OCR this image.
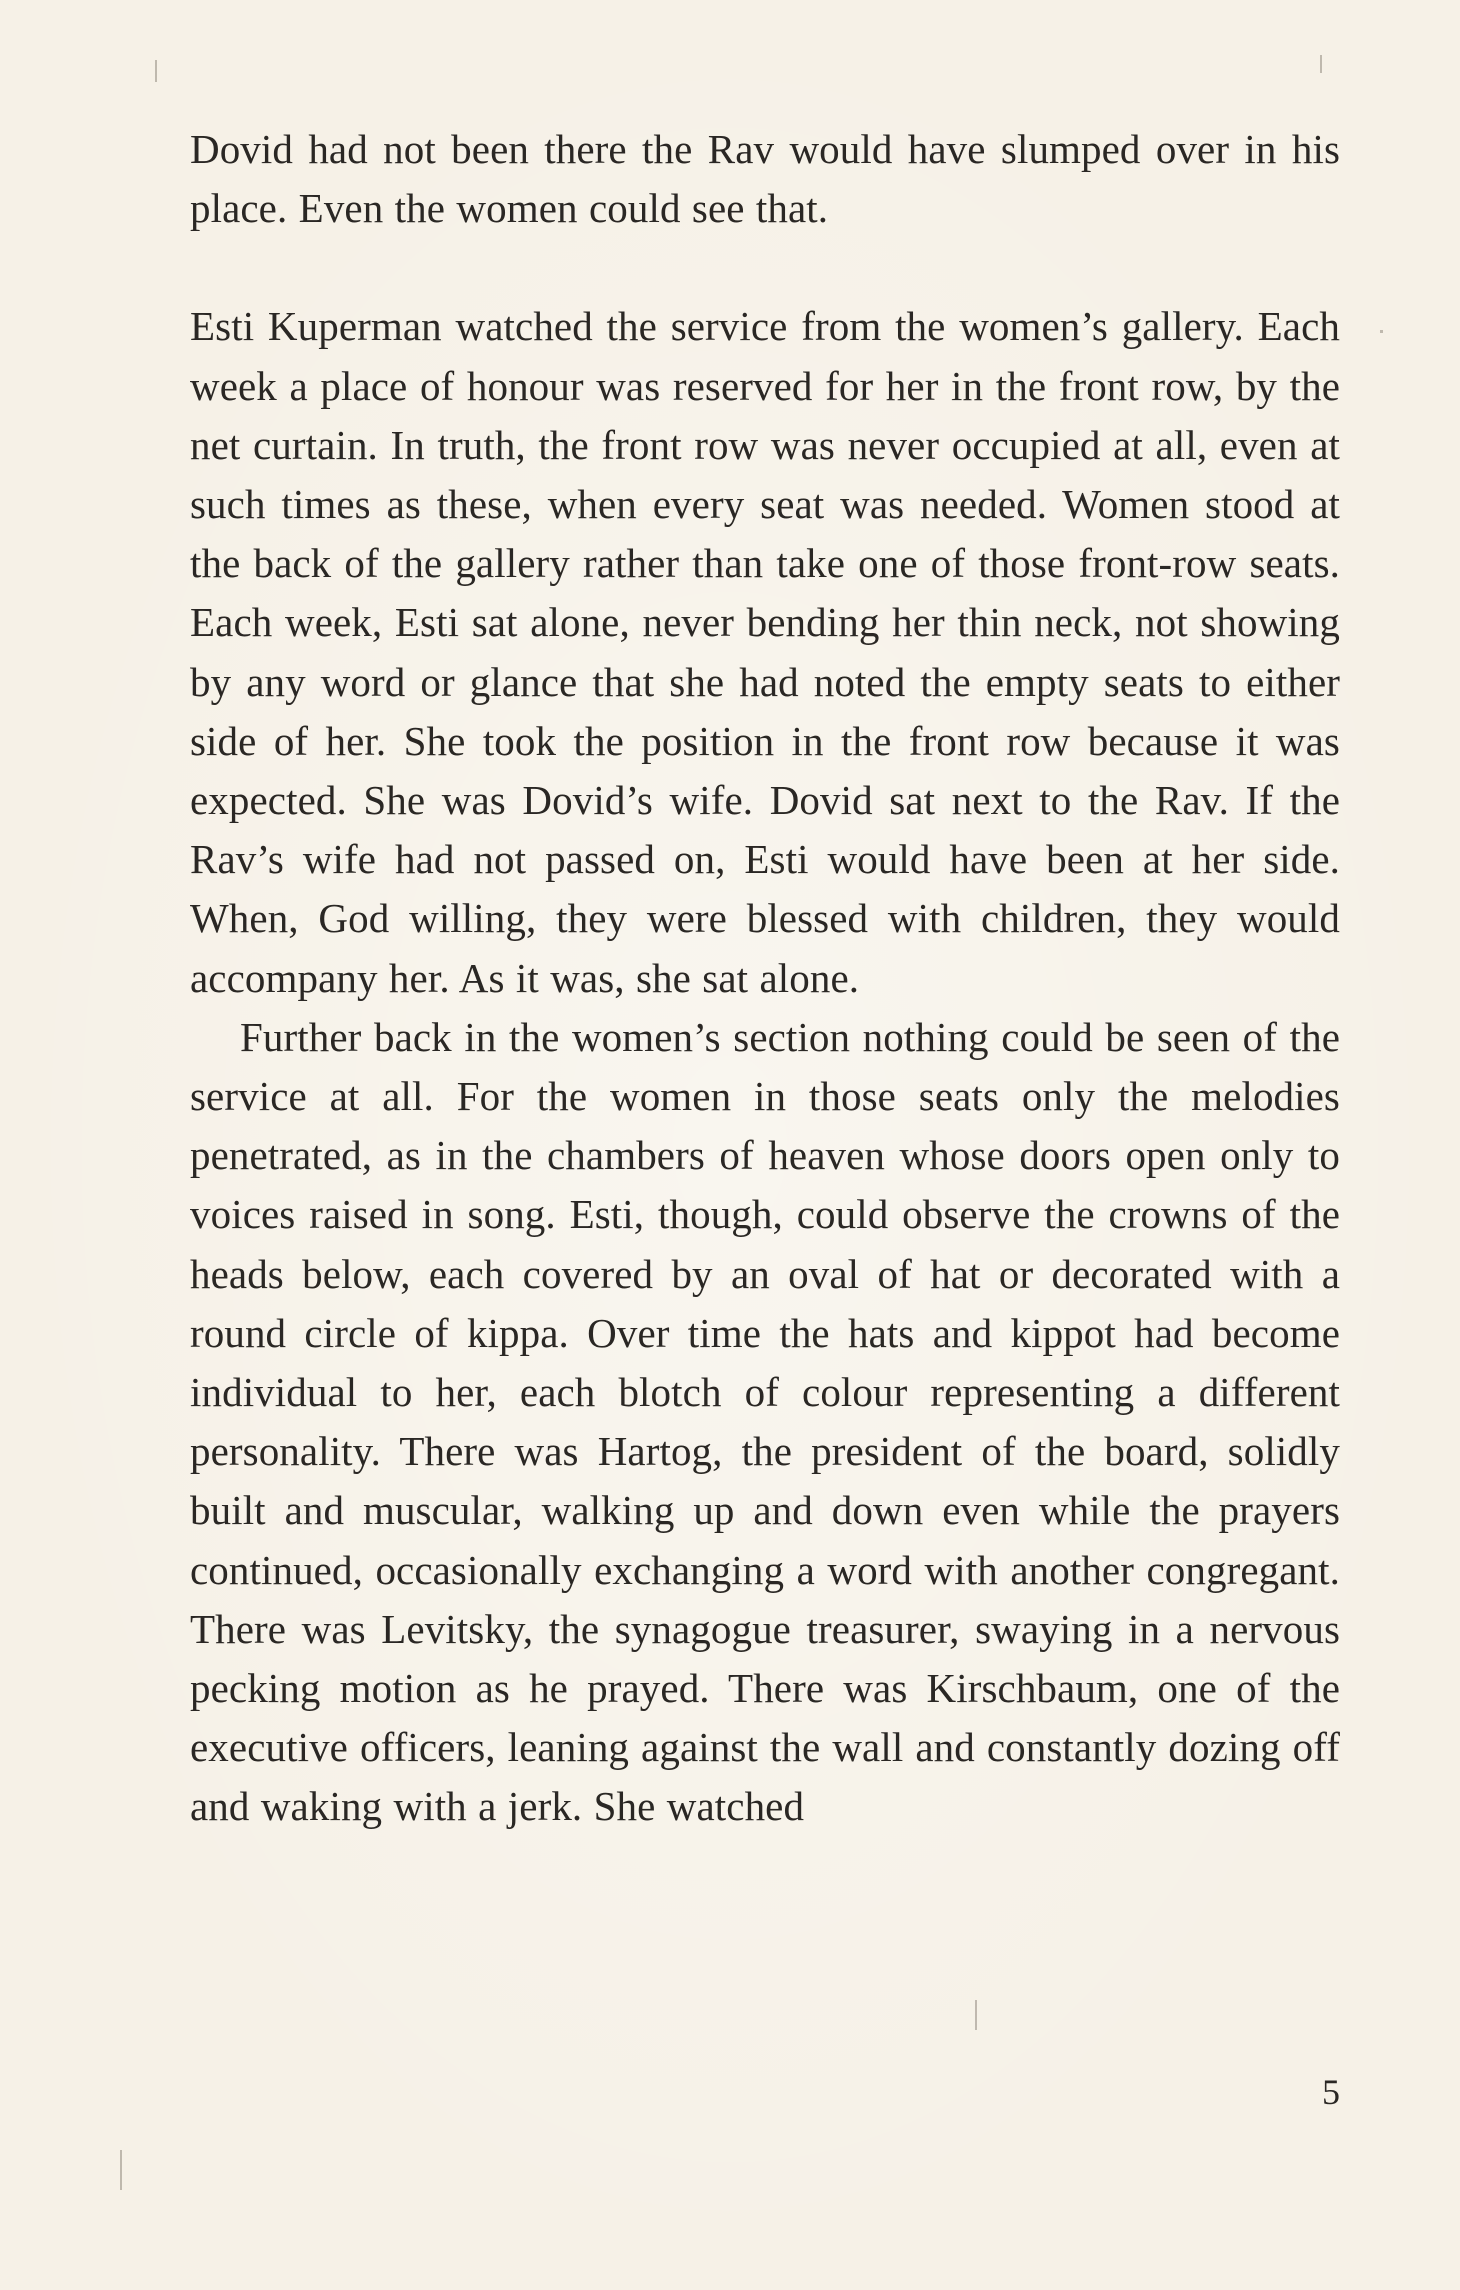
Dovid had not been there the Rav would have slumped over in his place. Even the women could see that.

Esti Kuperman watched the service from the women’s gallery. Each week a place of honour was reserved for her in the front row, by the net curtain. In truth, the front row was never occupied at all, even at such times as these, when every seat was needed. Women stood at the back of the gallery rather than take one of those front-row seats. Each week, Esti sat alone, never bending her thin neck, not showing by any word or glance that she had noted the empty seats to either side of her. She took the position in the front row because it was expected. She was Dovid’s wife. Dovid sat next to the Rav. If the Rav’s wife had not passed on, Esti would have been at her side. When, God willing, they were blessed with children, they would accompany her. As it was, she sat alone.

Further back in the women’s section nothing could be seen of the service at all. For the women in those seats only the melodies penetrated, as in the chambers of heaven whose doors open only to voices raised in song. Esti, though, could observe the crowns of the heads below, each covered by an oval of hat or decorated with a round circle of kippa. Over time the hats and kippot had become individual to her, each blotch of colour representing a different personality. There was Hartog, the president of the board, solidly built and muscular, walking up and down even while the prayers continued, occasionally exchanging a word with another congregant. There was Levitsky, the synagogue treasurer, swaying in a nervous pecking motion as he prayed. There was Kirschbaum, one of the executive officers, leaning against the wall and constantly dozing off and waking with a jerk. She watched

5
